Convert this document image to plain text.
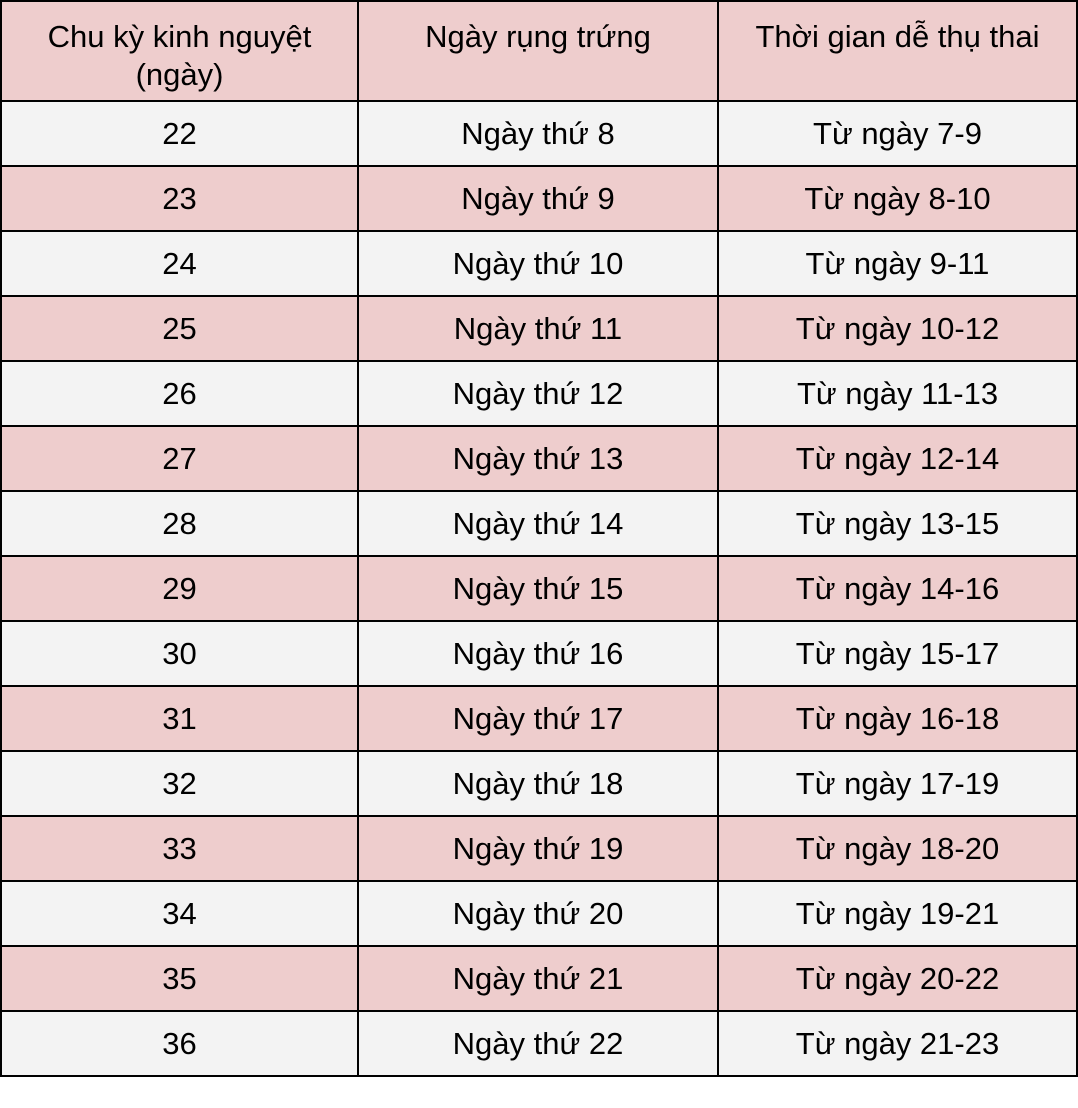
Chu kỳ kinh nguyệt (ngày)	Ngày rụng trứng	Thời gian dễ thụ thai

22	Ngày thứ 8	Từ ngày 7-9
23	Ngày thứ 9	Từ ngày 8-10
24	Ngày thứ 10	Từ ngày 9-11
25	Ngày thứ 11	Từ ngày 10-12
26	Ngày thứ 12	Từ ngày 11-13
27	Ngày thứ 13	Từ ngày 12-14
28	Ngày thứ 14	Từ ngày 13-15
29	Ngày thứ 15	Từ ngày 14-16
30	Ngày thứ 16	Từ ngày 15-17
31	Ngày thứ 17	Từ ngày 16-18
32	Ngày thứ 18	Từ ngày 17-19
33	Ngày thứ 19	Từ ngày 18-20
34	Ngày thứ 20	Từ ngày 19-21
35	Ngày thứ 21	Từ ngày 20-22
36	Ngày thứ 22	Từ ngày 21-23
